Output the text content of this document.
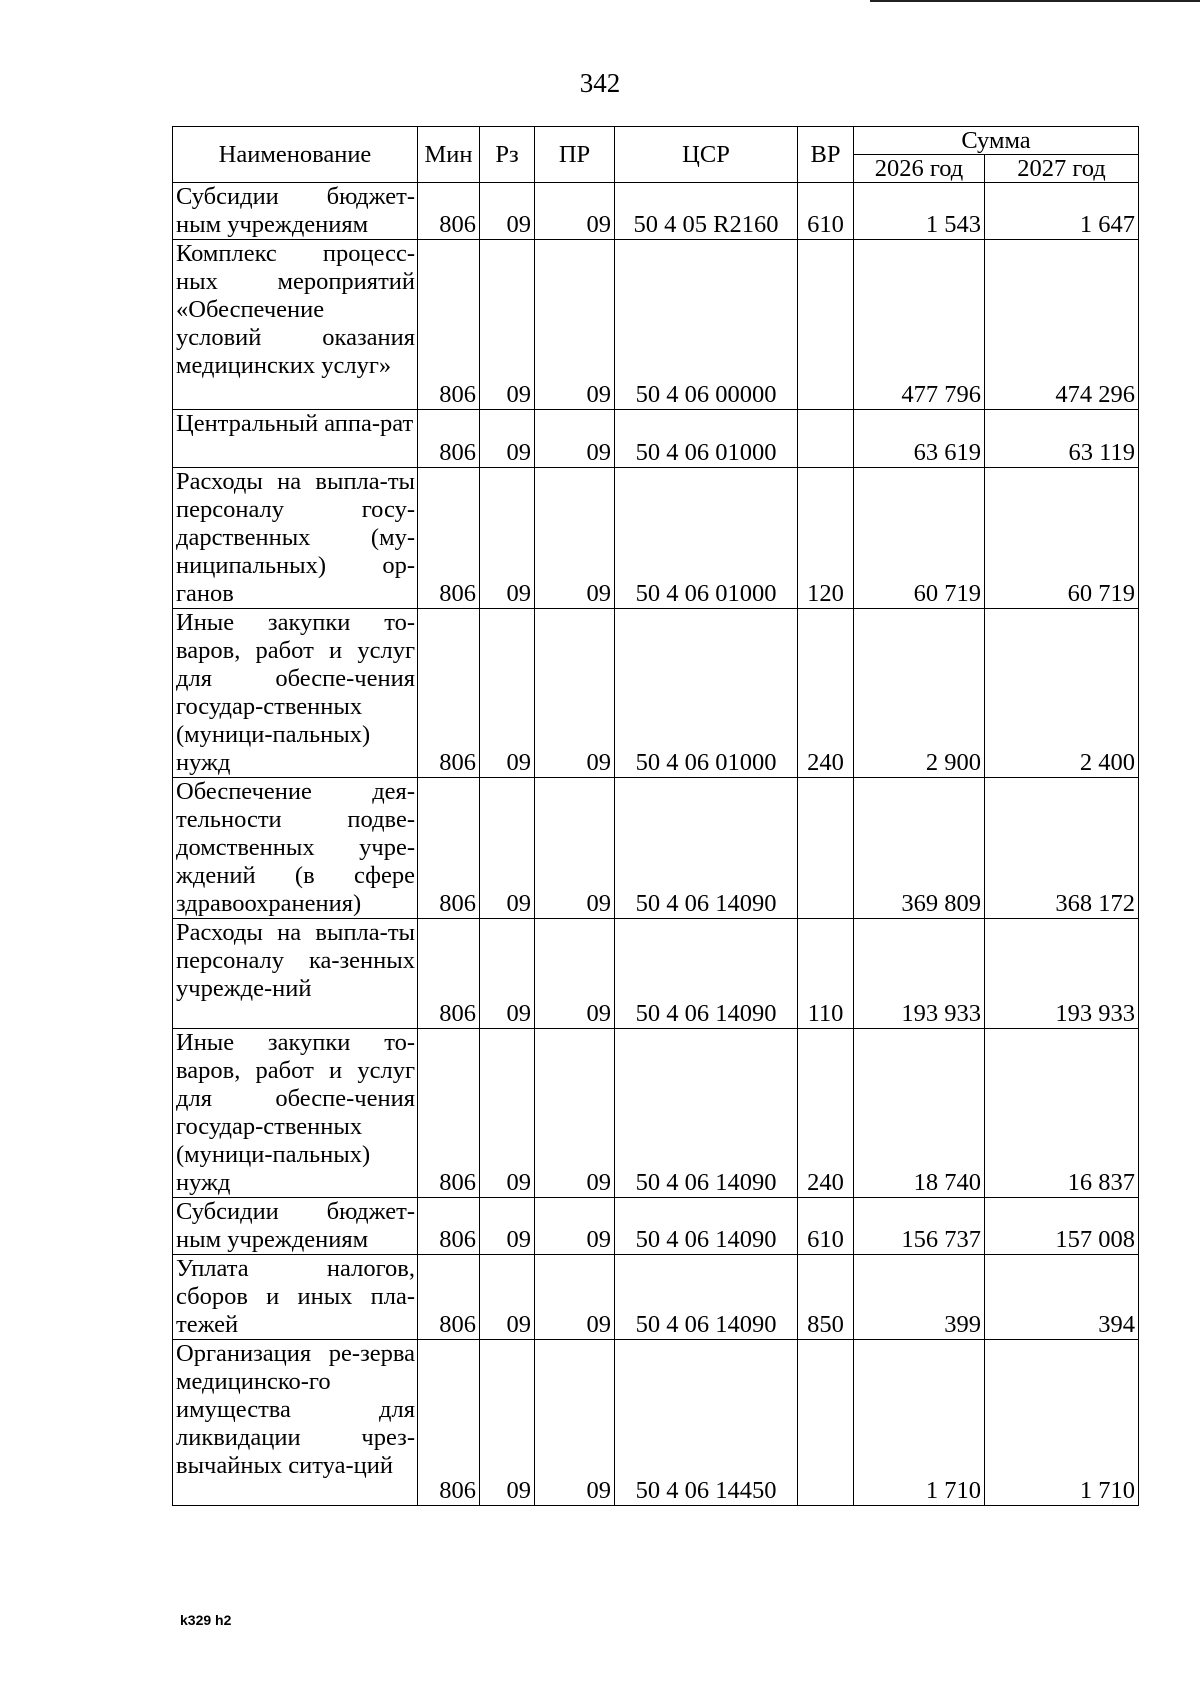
342
Наименование	Мин	Рз	ПР	ЦСР	ВР	Сумма	
						2026 год	2027 год
Субсидии бюджет-ным учреждениям	806	09	09	50 4 05 R2160	610	1 543	1 647
Комплекс процесс-ных мероприятий «Обеспечение условий оказания медицинских услуг»	806	09	09	50 4 06 00000		477 796	474 296
Центральный аппа-рат	806	09	09	50 4 06 01000		63 619	63 119
Расходы на выпла-ты персоналу госу-дарственных (му-ниципальных) ор-ганов	806	09	09	50 4 06 01000	120	60 719	60 719
Иные закупки то-варов, работ и услуг для обеспе-чения государ-ственных (муници-пальных) нужд	806	09	09	50 4 06 01000	240	2 900	2 400
Обеспечение дея-тельности подве-домственных учре-ждений (в сфере здравоохранения)	806	09	09	50 4 06 14090		369 809	368 172
Расходы на выпла-ты персоналу ка-зенных учрежде-ний	806	09	09	50 4 06 14090	110	193 933	193 933
Иные закупки то-варов, работ и услуг для обеспе-чения государ-ственных (муници-пальных) нужд	806	09	09	50 4 06 14090	240	18 740	16 837
Субсидии бюджет-ным учреждениям	806	09	09	50 4 06 14090	610	156 737	157 008
Уплата налогов, сборов и иных пла-тежей	806	09	09	50 4 06 14090	850	399	394
Организация ре-зерва медицинско-го имущества для ликвидации чрез-вычайных ситуа-ций	806	09	09	50 4 06 14450		1 710	1 710
k329 h2
